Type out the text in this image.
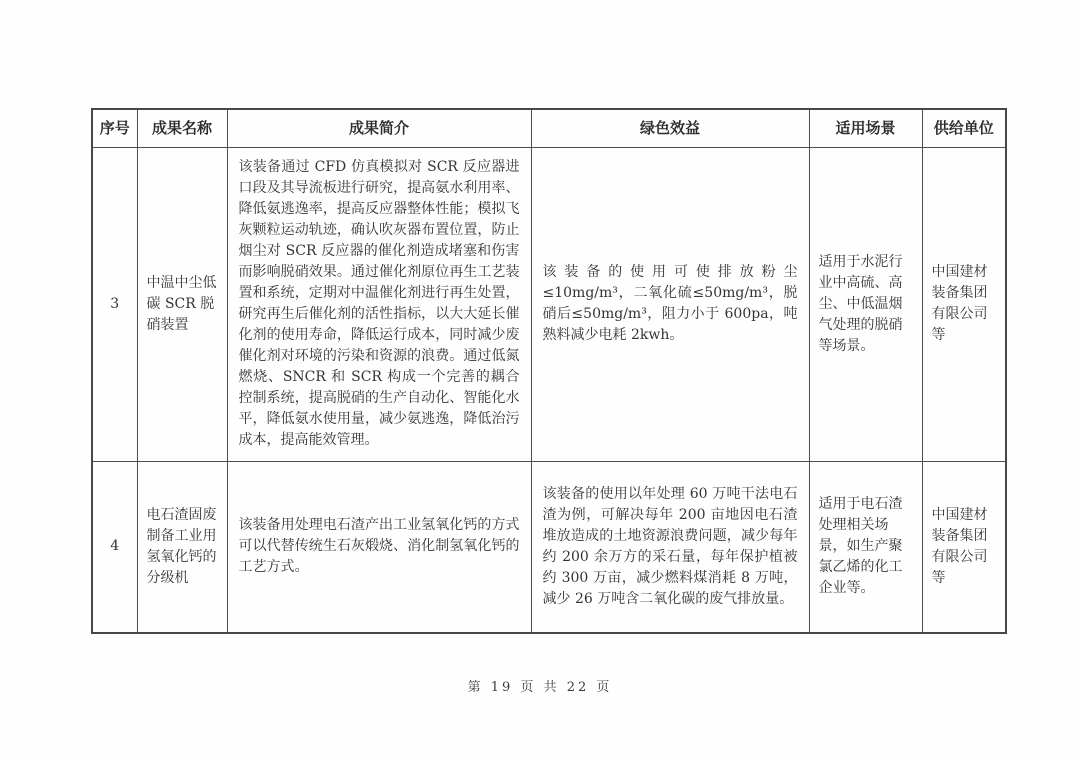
序号	成果名称	成果简介	绿色效益	适用场景	供给单位
3	中温中尘低碳 SCR 脱硝装置	该装备通过 CFD 仿真模拟对 SCR 反应器进口段及其导流板进行研究，提高氨水利用率、降低氨逃逸率，提高反应器整体性能；模拟飞灰颗粒运动轨迹，确认吹灰器布置位置，防止烟尘对 SCR 反应器的催化剂造成堵塞和伤害而影响脱硝效果。通过催化剂原位再生工艺装置和系统，定期对中温催化剂进行再生处置，研究再生后催化剂的活性指标，以大大延长催化剂的使用寿命，降低运行成本，同时减少废催化剂对环境的污染和资源的浪费。通过低氮燃烧、SNCR 和 SCR 构成一个完善的耦合控制系统，提高脱硝的生产自动化、智能化水平，降低氨水使用量，减少氨逃逸，降低治污成本，提高能效管理。	该装备的使用可使排放粉尘≤10mg/m³，二氧化硫≤50mg/m³，脱硝后≤50mg/m³，阻力小于 600pa，吨熟料减少电耗 2kwh。	适用于水泥行业中高硫、高尘、中低温烟气处理的脱硝等场景。	中国建材装备集团有限公司等
4	电石渣固废制备工业用氢氧化钙的分级机	该装备用处理电石渣产出工业氢氧化钙的方式可以代替传统生石灰煅烧、消化制氢氧化钙的工艺方式。	该装备的使用以年处理 60 万吨干法电石渣为例，可解决每年 200 亩地因电石渣堆放造成的土地资源浪费问题，减少每年约 200 余万方的采石量，每年保护植被约 300 万亩，减少燃料煤消耗 8 万吨，减少 26 万吨含二氧化碳的废气排放量。	适用于电石渣处理相关场景，如生产聚氯乙烯的化工企业等。	中国建材装备集团有限公司等
第 19 页 共 22 页
